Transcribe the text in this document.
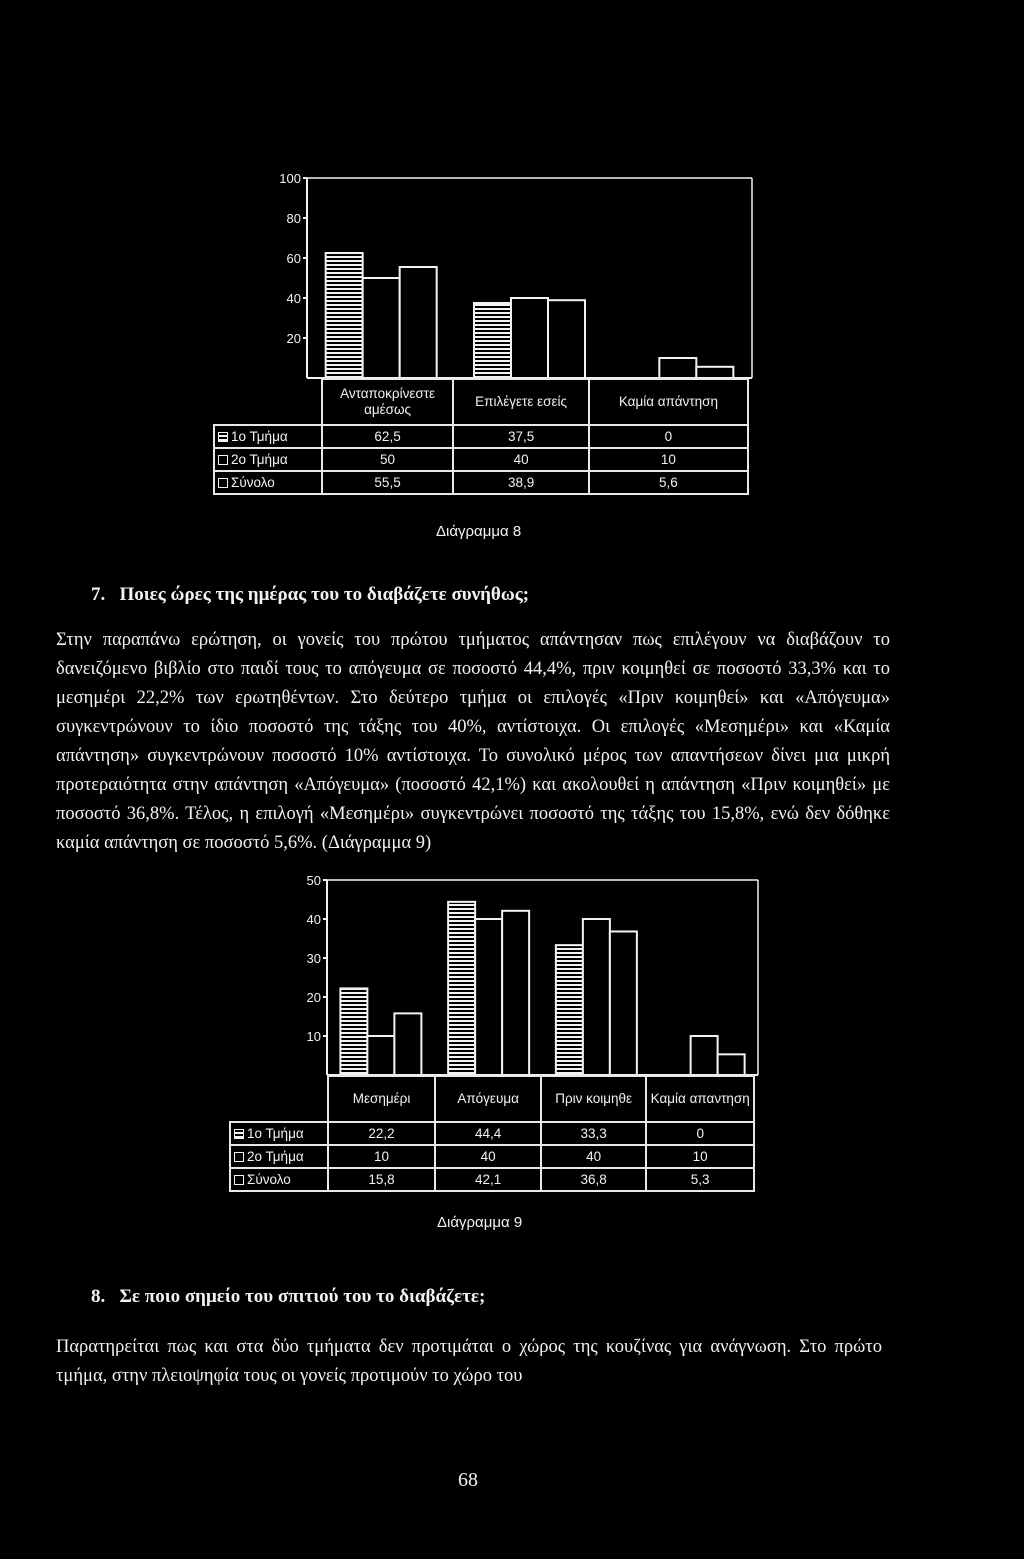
20
40
60
80
100
	Ανταποκρίνεστε αμέσως	Επιλέγετε εσείς	Καμία απάντηση
1ο Τμήμα	62,5	37,5	0
2ο Τμήμα	50	40	10
Σύνολο	55,5	38,9	5,6
Διάγραμμα 8
7.   Ποιες ώρες της ημέρας του το διαβάζετε συνήθως;

Στην παραπάνω ερώτηση, οι γονείς του πρώτου τμήματος απάντησαν πως επιλέγουν να διαβάζουν το δανειζόμενο βιβλίο στο παιδί τους το απόγευμα σε ποσοστό 44,4%, πριν κοιμηθεί σε ποσοστό 33,3% και το μεσημέρι 22,2% των ερωτηθέντων. Στο δεύτερο τμήμα οι επιλογές «Πριν κοιμηθεί» και «Απόγευμα» συγκεντρώνουν το ίδιο ποσοστό της τάξης του 40%, αντίστοιχα. Οι επιλογές «Μεσημέρι» και «Καμία απάντηση» συγκεντρώνουν ποσοστό 10% αντίστοιχα. Το συνολικό μέρος των απαντήσεων δίνει μια μικρή προτεραιότητα στην απάντηση «Απόγευμα» (ποσοστό 42,1%) και ακολουθεί η απάντηση «Πριν κοιμηθεί» με ποσοστό 36,8%. Τέλος, η επιλογή «Μεσημέρι» συγκεντρώνει ποσοστό της τάξης του 15,8%, ενώ δεν δόθηκε καμία απάντηση σε ποσοστό 5,6%. (Διάγραμμα 9)

10
20
30
40
50
	Μεσημέρι	Απόγευμα	Πριν κοιμηθε	Καμία απαντηση
1ο Τμήμα	22,2	44,4	33,3	0
2ο Τμήμα	10	40	40	10
Σύνολο	15,8	42,1	36,8	5,3
Διάγραμμα 9
8.   Σε ποιο σημείο του σπιτιού του το διαβάζετε;

Παρατηρείται πως και στα δύο τμήματα δεν προτιμάται ο χώρος της κουζίνας για ανάγνωση. Στο πρώτο τμήμα, στην πλειοψηφία τους οι γονείς προτιμούν το χώρο του

68
